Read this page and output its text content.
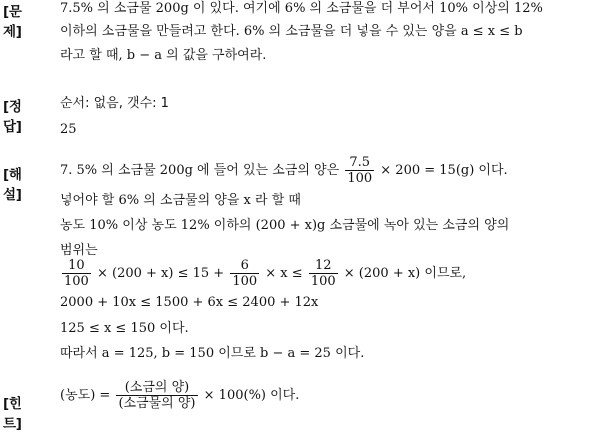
[문제]
7.5% 의 소금물 200g 이 있다. 여기에 6% 의 소금물을 더 부어서 10% 이상의 12%
이하의 소금물을 만들려고 한다. 6% 의 소금물을 더 넣을 수 있는 양을 a ≤ x ≤ b
라고 할 때, b − a 의 값을 구하여라.
[정답]
순서: 없음, 갯수: 1
25
[해설]
7. 5% 의 소금물 200g 에 들어 있는 소금의 양은 $\frac{7.5}{100} \times 200 = 15(g)$ 이다.
넣어야 할 6% 의 소금물의 양을 x 라 할 때
농도 10% 이상 농도 12% 이하의 (200 + x)g 소금물에 녹아 있는 소금의 양의
범위는
$\frac{10}{100} \times (200 + x) \le 15 + \frac{6}{100} \times x \le \frac{12}{100} \times (200 + x)$ 이므로,
2000 + 10x ≤ 1500 + 6x ≤ 2400 + 12x
125 ≤ x ≤ 150 이다.
따라서 a = 125, b = 150 이므로 b − a = 25 이다.
[힌트]
(농도) = $\frac{\text{(소금의 양)}}{\text{(소금물의 양)}} \times 100(\%)$ 이다.
